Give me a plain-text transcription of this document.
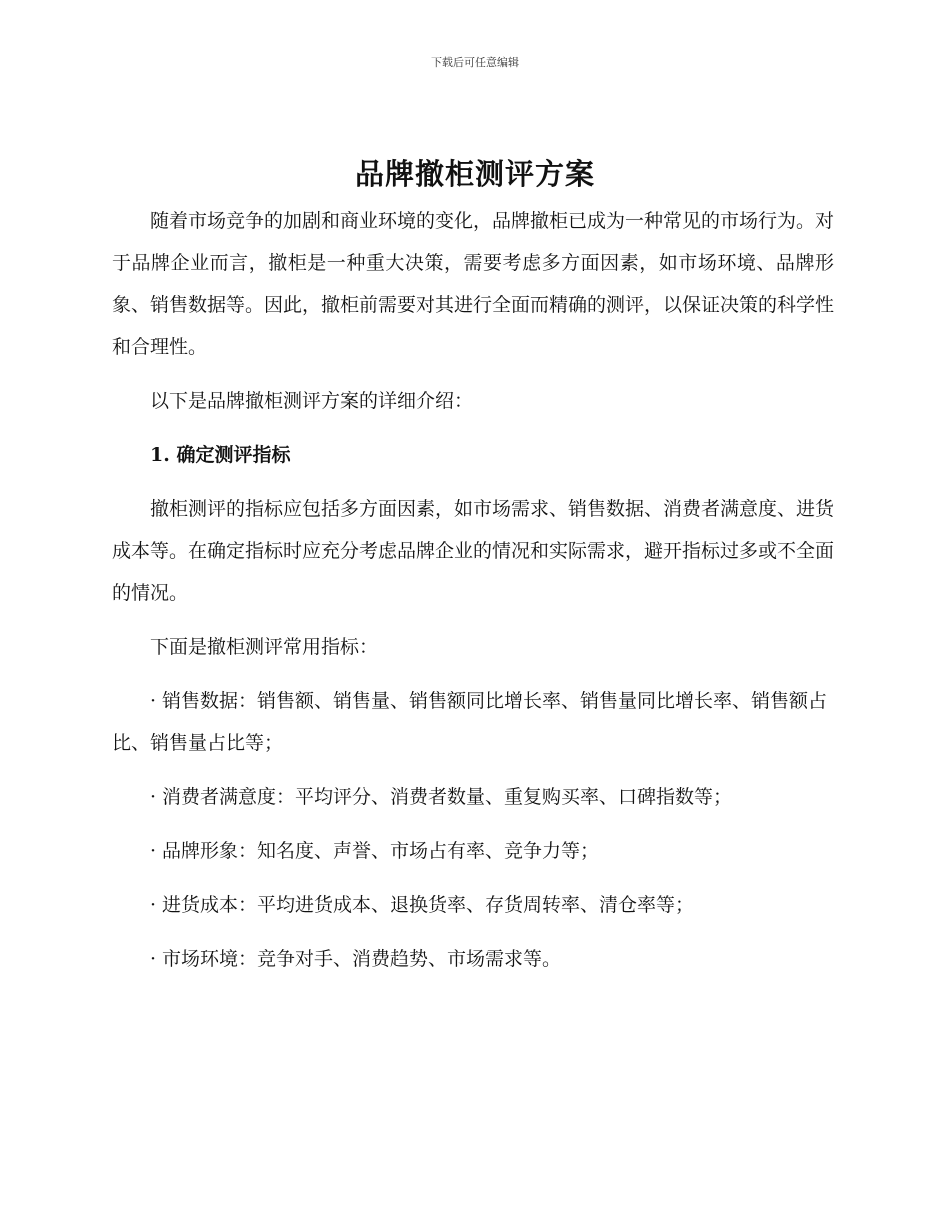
下载后可任意编辑
品牌撤柜测评方案

随着市场竞争的加剧和商业环境的变化，品牌撤柜已成为一种常见的市场行为。对于品牌企业而言，撤柜是一种重大决策，需要考虑多方面因素，如市场环境、品牌形象、销售数据等。因此，撤柜前需要对其进行全面而精确的测评，以保证决策的科学性和合理性。

以下是品牌撤柜测评方案的详细介绍：

1. 确定测评指标

撤柜测评的指标应包括多方面因素，如市场需求、销售数据、消费者满意度、进货成本等。在确定指标时应充分考虑品牌企业的情况和实际需求，避开指标过多或不全面的情况。

下面是撤柜测评常用指标：

· 销售数据：销售额、销售量、销售额同比增长率、销售量同比增长率、销售额占比、销售量占比等；

· 消费者满意度：平均评分、消费者数量、重复购买率、口碑指数等；

· 品牌形象：知名度、声誉、市场占有率、竞争力等；

· 进货成本：平均进货成本、退换货率、存货周转率、清仓率等；

· 市场环境：竞争对手、消费趋势、市场需求等。
